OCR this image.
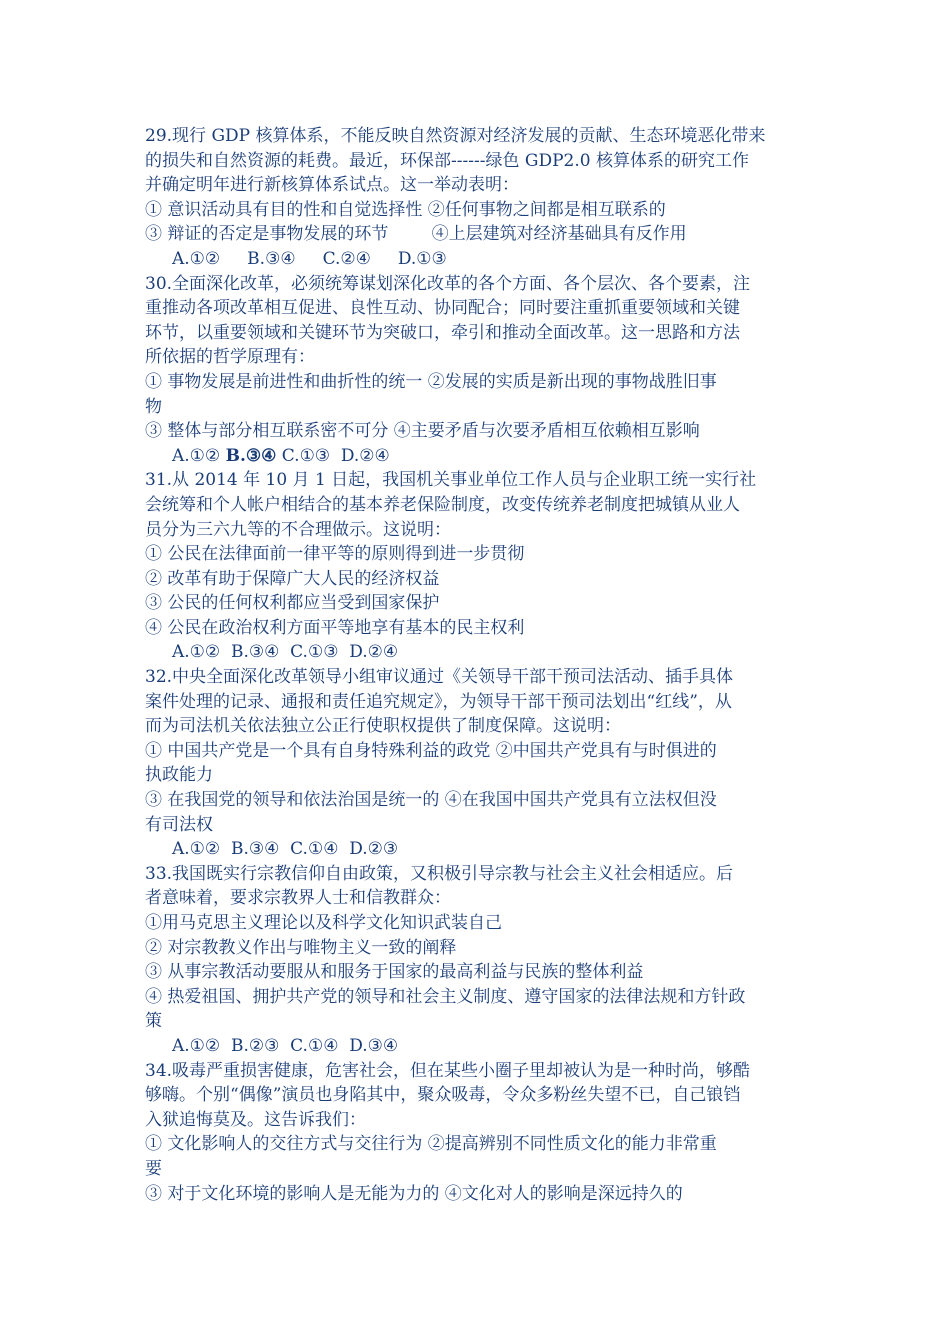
29.现行 GDP 核算体系，不能反映自然资源对经济发展的贡献、生态环境恶化带来
的损失和自然资源的耗费。最近，环保部------绿色 GDP2.0 核算体系的研究工作
并确定明年进行新核算体系试点。这一举动表明：
① 意识活动具有目的性和自觉选择性 ②任何事物之间都是相互联系的
③ 辩证的否定是事物发展的环节        ④上层建筑对经济基础具有反作用
A.①②     B.③④     C.②④     D.①③
30.全面深化改革，必须统筹谋划深化改革的各个方面、各个层次、各个要素，注
重推动各项改革相互促进、良性互动、协同配合；同时要注重抓重要领域和关键
环节，以重要领域和关键环节为突破口，牵引和推动全面改革。这一思路和方法
所依据的哲学原理有：
① 事物发展是前进性和曲折性的统一 ②发展的实质是新出现的事物战胜旧事
物
③ 整体与部分相互联系密不可分 ④主要矛盾与次要矛盾相互依赖相互影响
A.①② B.③④ C.①③  D.②④
31.从 2014 年 10 月 1 日起，我国机关事业单位工作人员与企业职工统一实行社
会统筹和个人帐户相结合的基本养老保险制度，改变传统养老制度把城镇从业人
员分为三六九等的不合理做示。这说明：
① 公民在法律面前一律平等的原则得到进一步贯彻
② 改革有助于保障广大人民的经济权益
③ 公民的任何权利都应当受到国家保护
④ 公民在政治权利方面平等地享有基本的民主权利
A.①②  B.③④  C.①③  D.②④
32.中央全面深化改革领导小组审议通过《关领导干部干预司法活动、插手具体
案件处理的记录、通报和责任追究规定》，为领导干部干预司法划出“红线”，从
而为司法机关依法独立公正行使职权提供了制度保障。这说明：
① 中国共产党是一个具有自身特殊利益的政党 ②中国共产党具有与时俱进的
执政能力
③ 在我国党的领导和依法治国是统一的 ④在我国中国共产党具有立法权但没
有司法权
A.①②  B.③④  C.①④  D.②③
33.我国既实行宗教信仰自由政策，又积极引导宗教与社会主义社会相适应。后
者意味着，要求宗教界人士和信教群众：
①用马克思主义理论以及科学文化知识武装自己
② 对宗教教义作出与唯物主义一致的阐释
③ 从事宗教活动要服从和服务于国家的最高利益与民族的整体利益
④ 热爱祖国、拥护共产党的领导和社会主义制度、遵守国家的法律法规和方针政
策
A.①②  B.②③  C.①④  D.③④
34.吸毒严重损害健康，危害社会，但在某些小圈子里却被认为是一种时尚，够酷
够嗨。个别“偶像”演员也身陷其中，聚众吸毒，令众多粉丝失望不已，自己锒铛
入狱追悔莫及。这告诉我们：
① 文化影响人的交往方式与交往行为 ②提高辨别不同性质文化的能力非常重
要
③ 对于文化环境的影响人是无能为力的 ④文化对人的影响是深远持久的
